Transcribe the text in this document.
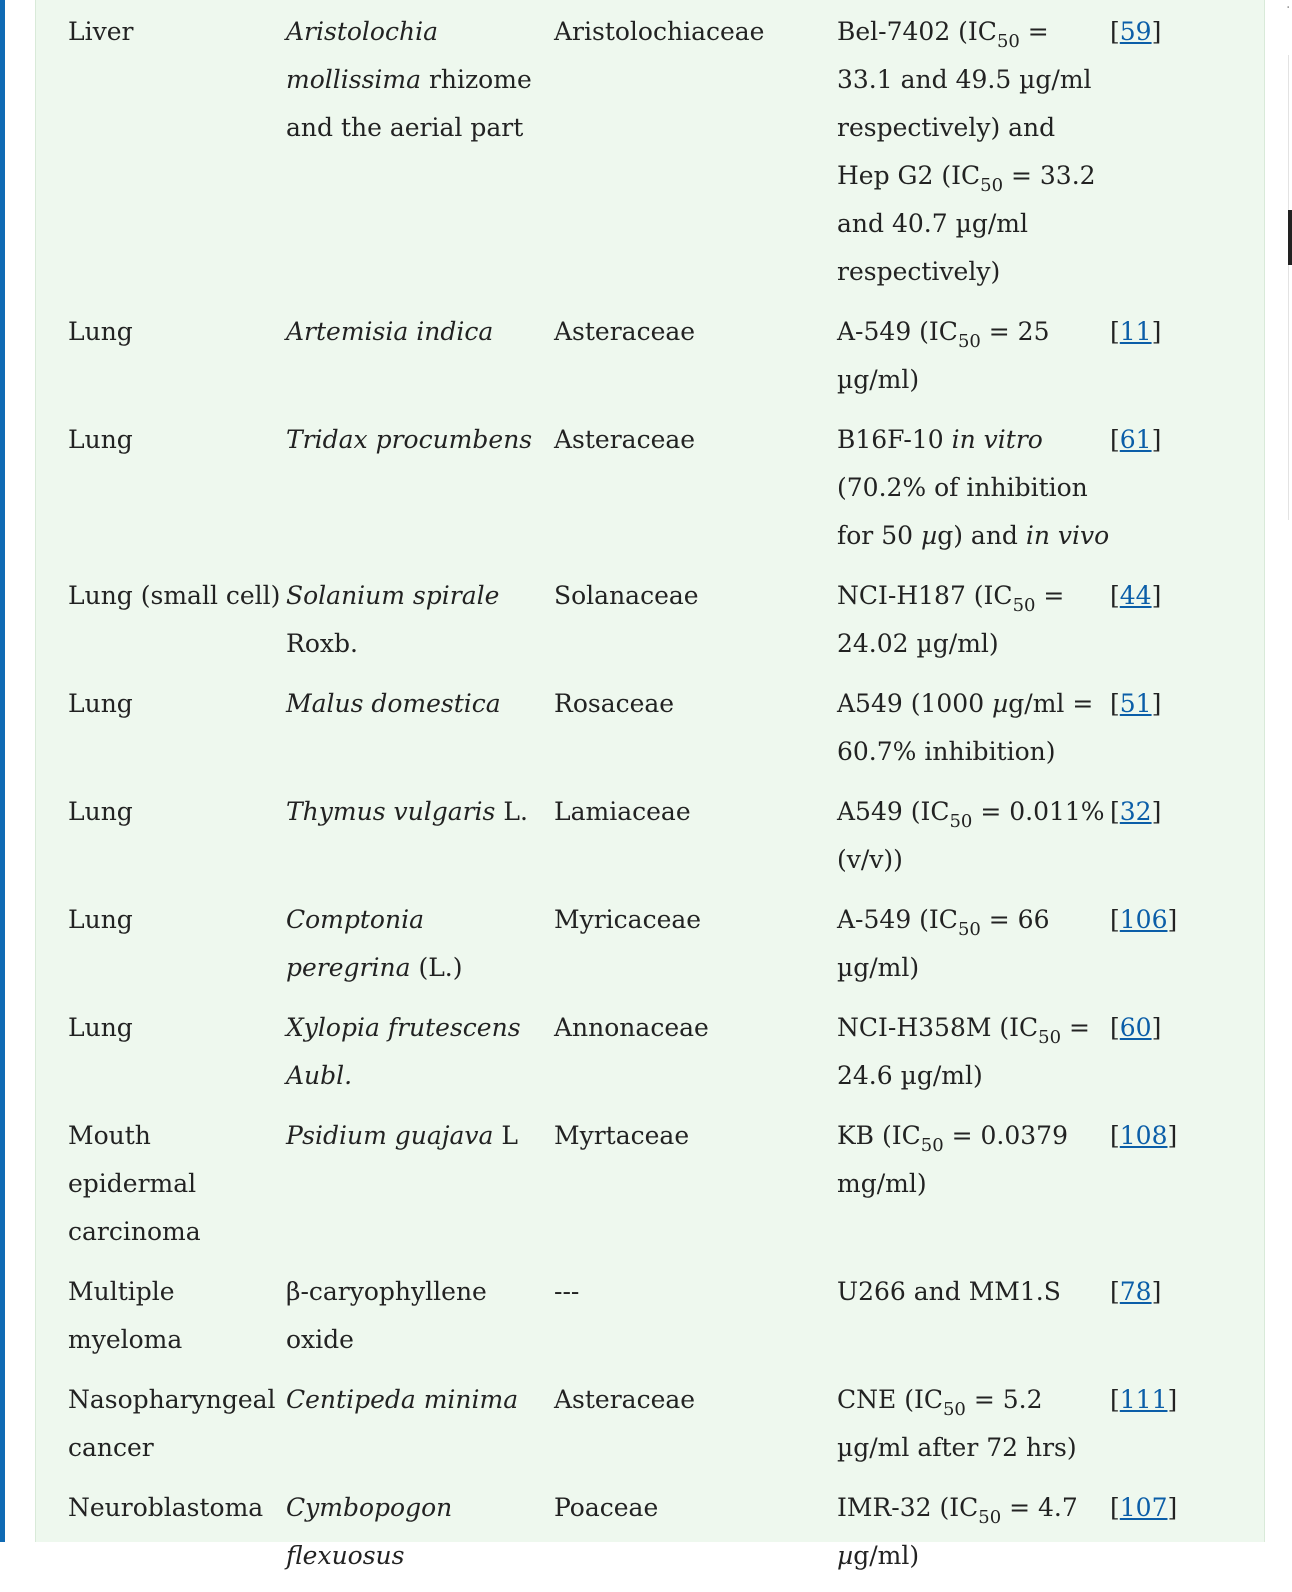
·
Liver	Aristolochia mollissima rhizome and the aerial part	Aristolochiaceae	Bel-7402 ($IC_{50} = 33.1$ and 49.5 µg/ml respectively) and Hep G2 ($IC_{50} = 33.2$ and 40.7 µg/ml respectively)	[59]
Lung	Artemisia indica	Asteraceae	A-549 ($IC_{50} = 25$ µg/ml)	[11]
Lung	Tridax procumbens	Asteraceae	B16F-10 in vitro (70.2% of inhibition for 50 µg) and in vivo	[61]
Lung (small cell)	Solanium spirale Roxb.	Solanaceae	NCI-H187 ($IC_{50} = 24.02$ µg/ml)	[44]
Lung	Malus domestica	Rosaceae	A549 (1000 µg/ml = 60.7% inhibition)	[51]
Lung	Thymus vulgaris L.	Lamiaceae	A549 ($IC_{50} = 0.011\%$ (v/v))	[32]
Lung	Comptonia peregrina (L.)	Myricaceae	A-549 ($IC_{50} = 66$ µg/ml)	[106]
Lung	Xylopia frutescens Aubl.	Annonaceae	NCI-H358M ($IC_{50} = 24.6$ µg/ml)	[60]
Mouth epidermal carcinoma	Psidium guajava L	Myrtaceae	KB ($IC_{50} = 0.0379$ mg/ml)	[108]
Multiple myeloma	β-caryophyllene oxide	---	U266 and MM1.S	[78]
Nasopharyngeal cancer	Centipeda minima	Asteraceae	CNE ($IC_{50} = 5.2$ µg/ml after 72 hrs)	[111]
Neuroblastoma	Cymbopogon flexuosus	Poaceae	IMR-32 ($IC_{50} = 4.7$ µg/ml)	[107]
